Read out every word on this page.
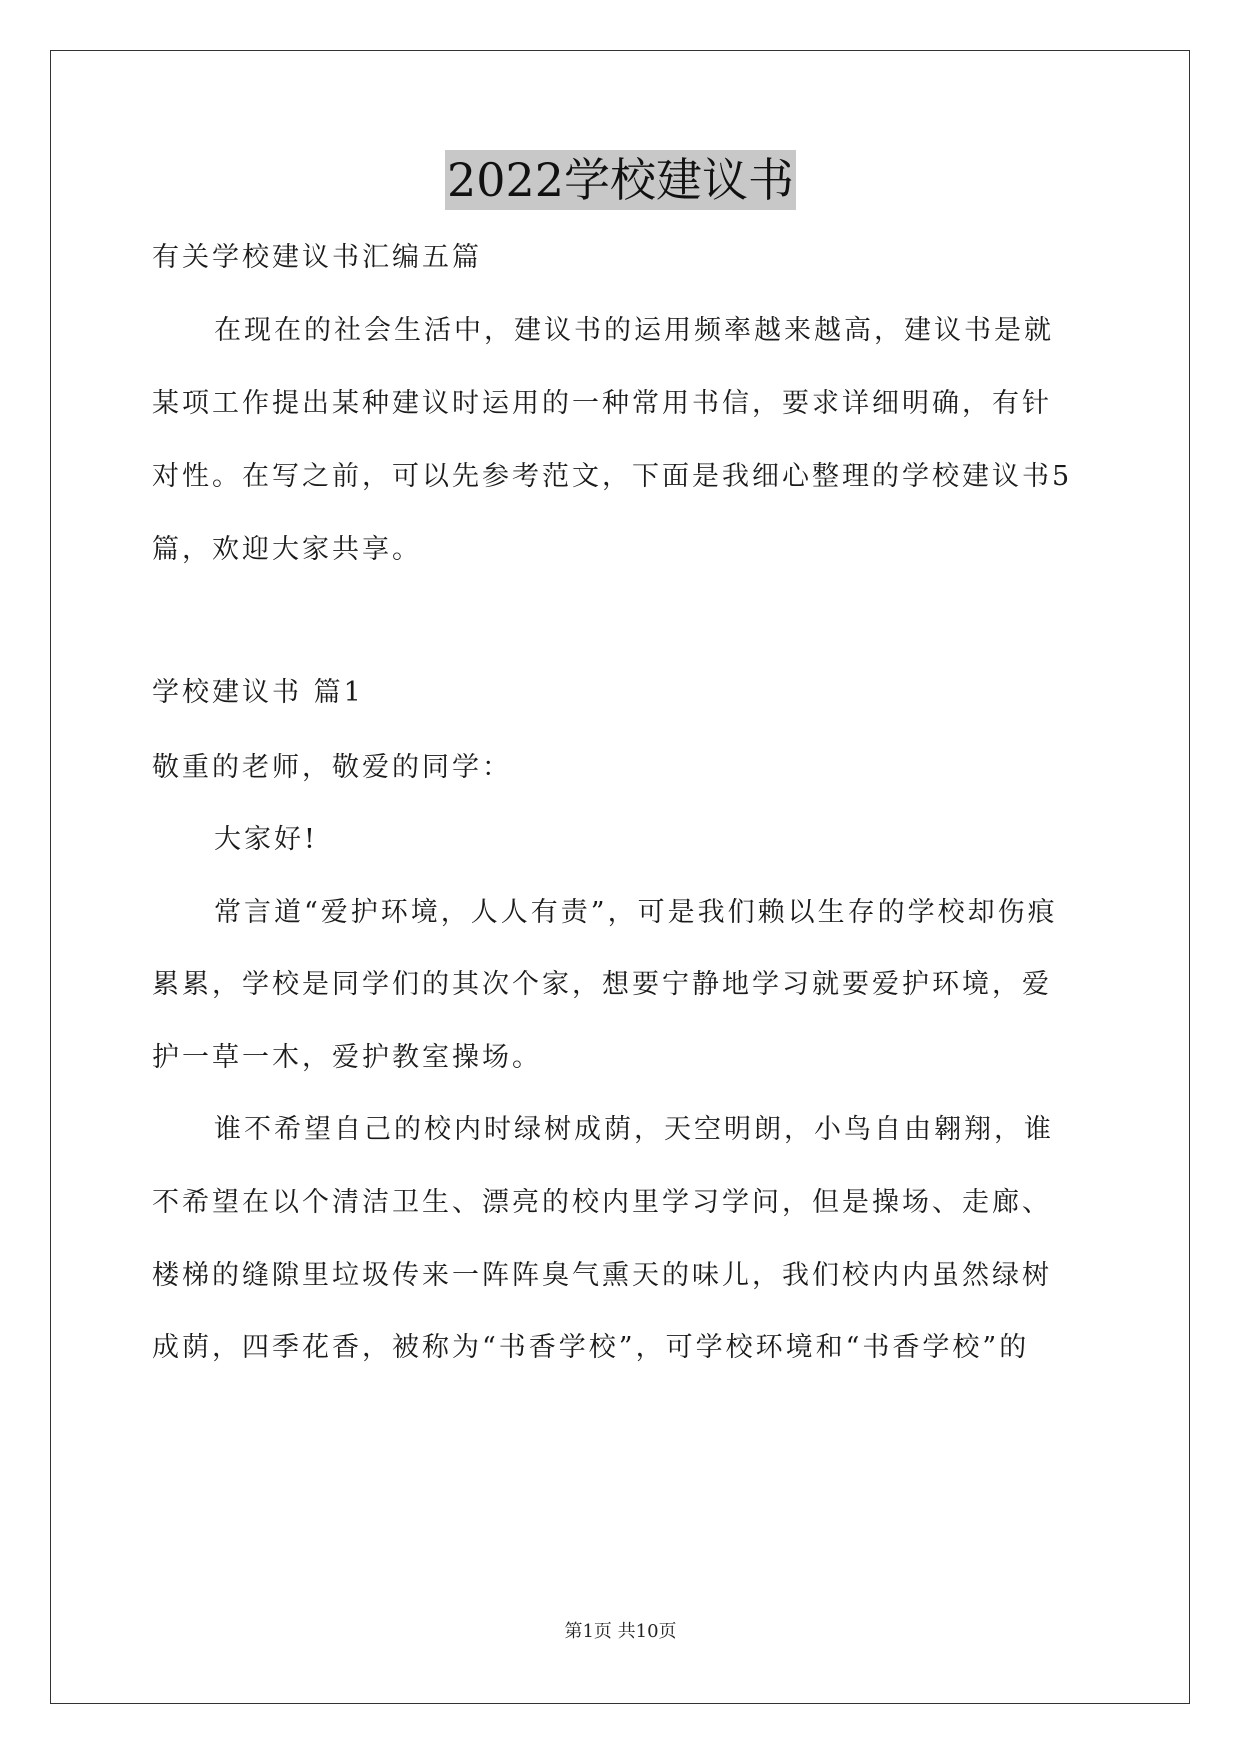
2022学校建议书
有关学校建议书汇编五篇
在现在的社会生活中，建议书的运用频率越来越高，建议书是就
某项工作提出某种建议时运用的一种常用书信，要求详细明确，有针
对性。在写之前，可以先参考范文，下面是我细心整理的学校建议书5
篇，欢迎大家共享。
学校建议书 篇1
敬重的老师，敬爱的同学：
大家好!
常言道“爱护环境，人人有责”，可是我们赖以生存的学校却伤痕
累累，学校是同学们的其次个家，想要宁静地学习就要爱护环境，爱
护一草一木，爱护教室操场。
谁不希望自己的校内时绿树成荫，天空明朗，小鸟自由翱翔，谁
不希望在以个清洁卫生、漂亮的校内里学习学问，但是操场、走廊、
楼梯的缝隙里垃圾传来一阵阵臭气熏天的味儿，我们校内内虽然绿树
成荫，四季花香，被称为“书香学校”，可学校环境和“书香学校”的
第1页 共10页
